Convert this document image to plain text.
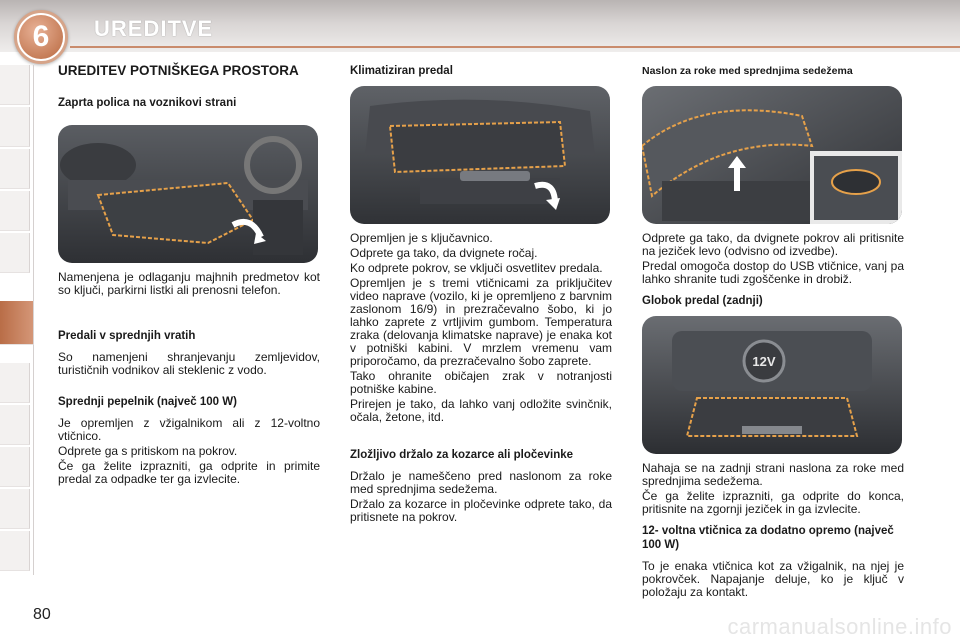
6	UREDITVE
UREDITEV POTNIŠKEGA PROSTORA
Zaprta polica na voznikovi strani

Namenjena je odlaganju majhnih predmetov kot so ključi, parkirni listki ali prenosni telefon.

Predali v sprednjih vratih

So namenjeni shranjevanju zemljevidov, turističnih vodnikov ali steklenic z vodo.

Sprednji pepelnik (največ 100 W)

Je opremljen z vžigalnikom ali z 12-voltno vtičnico.

Odprete ga s pritiskom na pokrov.

Če ga želite izprazniti, ga odprite in primite predal za odpadke ter ga izvlecite.

Klimatiziran predal

Opremljen je s ključavnico.

Odprete ga tako, da dvignete ročaj.

Ko odprete pokrov, se vključi osvetlitev predala.

Opremljen je s tremi vtičnicami za priključitev video naprave (vozilo, ki je opremljeno z barvnim zaslonom 16/9) in prezračevalno šobo, ki jo lahko zaprete z vrtljivim gumbom. Temperatura zraka (delovanja klimatske naprave) je enaka kot v potniški kabini. V mrzlem vremenu vam priporočamo, da prezračevalno šobo zaprete.

Tako ohranite običajen zrak v notranjosti potniške kabine.

Prirejen je tako, da lahko vanj odložite svinčnik, očala, žetone, itd.

Zložljivo držalo za kozarce ali pločevinke

Držalo je nameščeno pred naslonom za roke med sprednjima sedežema.

Držalo za kozarce in pločevinke odprete tako, da pritisnete na pokrov.

Naslon za roke med sprednjima sedežema

Odprete ga tako, da dvignete pokrov ali pritisnite na jeziček levo (odvisno od izvedbe).

Predal omogoča dostop do USB vtičnice, vanj pa lahko shranite tudi zgoščenke in drobiž.

Globok predal (zadnji)
12V

Nahaja se na zadnji strani naslona za roke med sprednjima sedežema.

Če ga želite izprazniti, ga odprite do konca, pritisnite na zgornji jeziček in ga izvlecite.

12- voltna vtičnica za dodatno opremo (največ 100 W)

To je enaka vtičnica kot za vžigalnik, na njej je pokrovček. Napajanje deluje, ko je ključ v položaju za kontakt.

80	carmanualsonline.info
